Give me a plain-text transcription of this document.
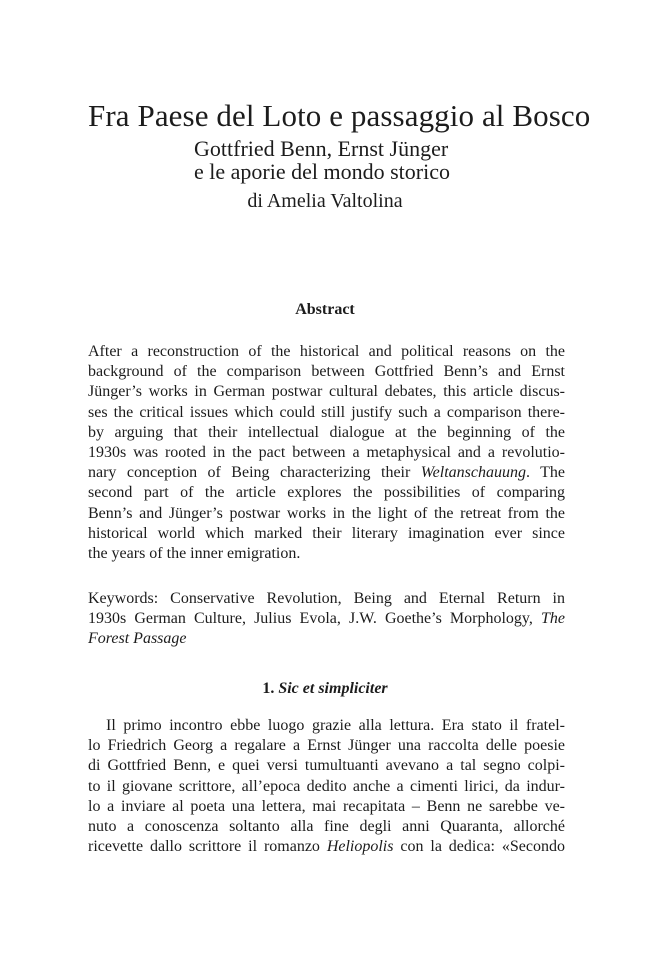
Fra Paese del Loto e passaggio al Bosco
Gottfried Benn, Ernst Jünger
e le aporie del mondo storico

di Amelia Valtolina

Abstract
After a reconstruction of the historical and political reasons on the
background of the comparison between Gottfried Benn’s and Ernst
Jünger’s works in German postwar cultural debates, this article discus-
ses the critical issues which could still justify such a comparison there-
by arguing that their intellectual dialogue at the beginning of the
1930s was rooted in the pact between a metaphysical and a revolutio-
nary conception of Being characterizing their Weltanschauung. The
second part of the article explores the possibilities of comparing
Benn’s and Jünger’s postwar works in the light of the retreat from the
historical world which marked their literary imagination ever since
the years of the inner emigration.
Keywords: Conservative Revolution, Being and Eternal Return in
1930s German Culture, Julius Evola, J.W. Goethe’s Morphology, The
Forest Passage
1. Sic et simpliciter
Il primo incontro ebbe luogo grazie alla lettura. Era stato il fratel-
lo Friedrich Georg a regalare a Ernst Jünger una raccolta delle poesie
di Gottfried Benn, e quei versi tumultuanti avevano a tal segno colpi-
to il giovane scrittore, all’epoca dedito anche a cimenti lirici, da indur-
lo a inviare al poeta una lettera, mai recapitata – Benn ne sarebbe ve-
nuto a conoscenza soltanto alla fine degli anni Quaranta, allorché
ricevette dallo scrittore il romanzo Heliopolis con la dedica: «Secondo
